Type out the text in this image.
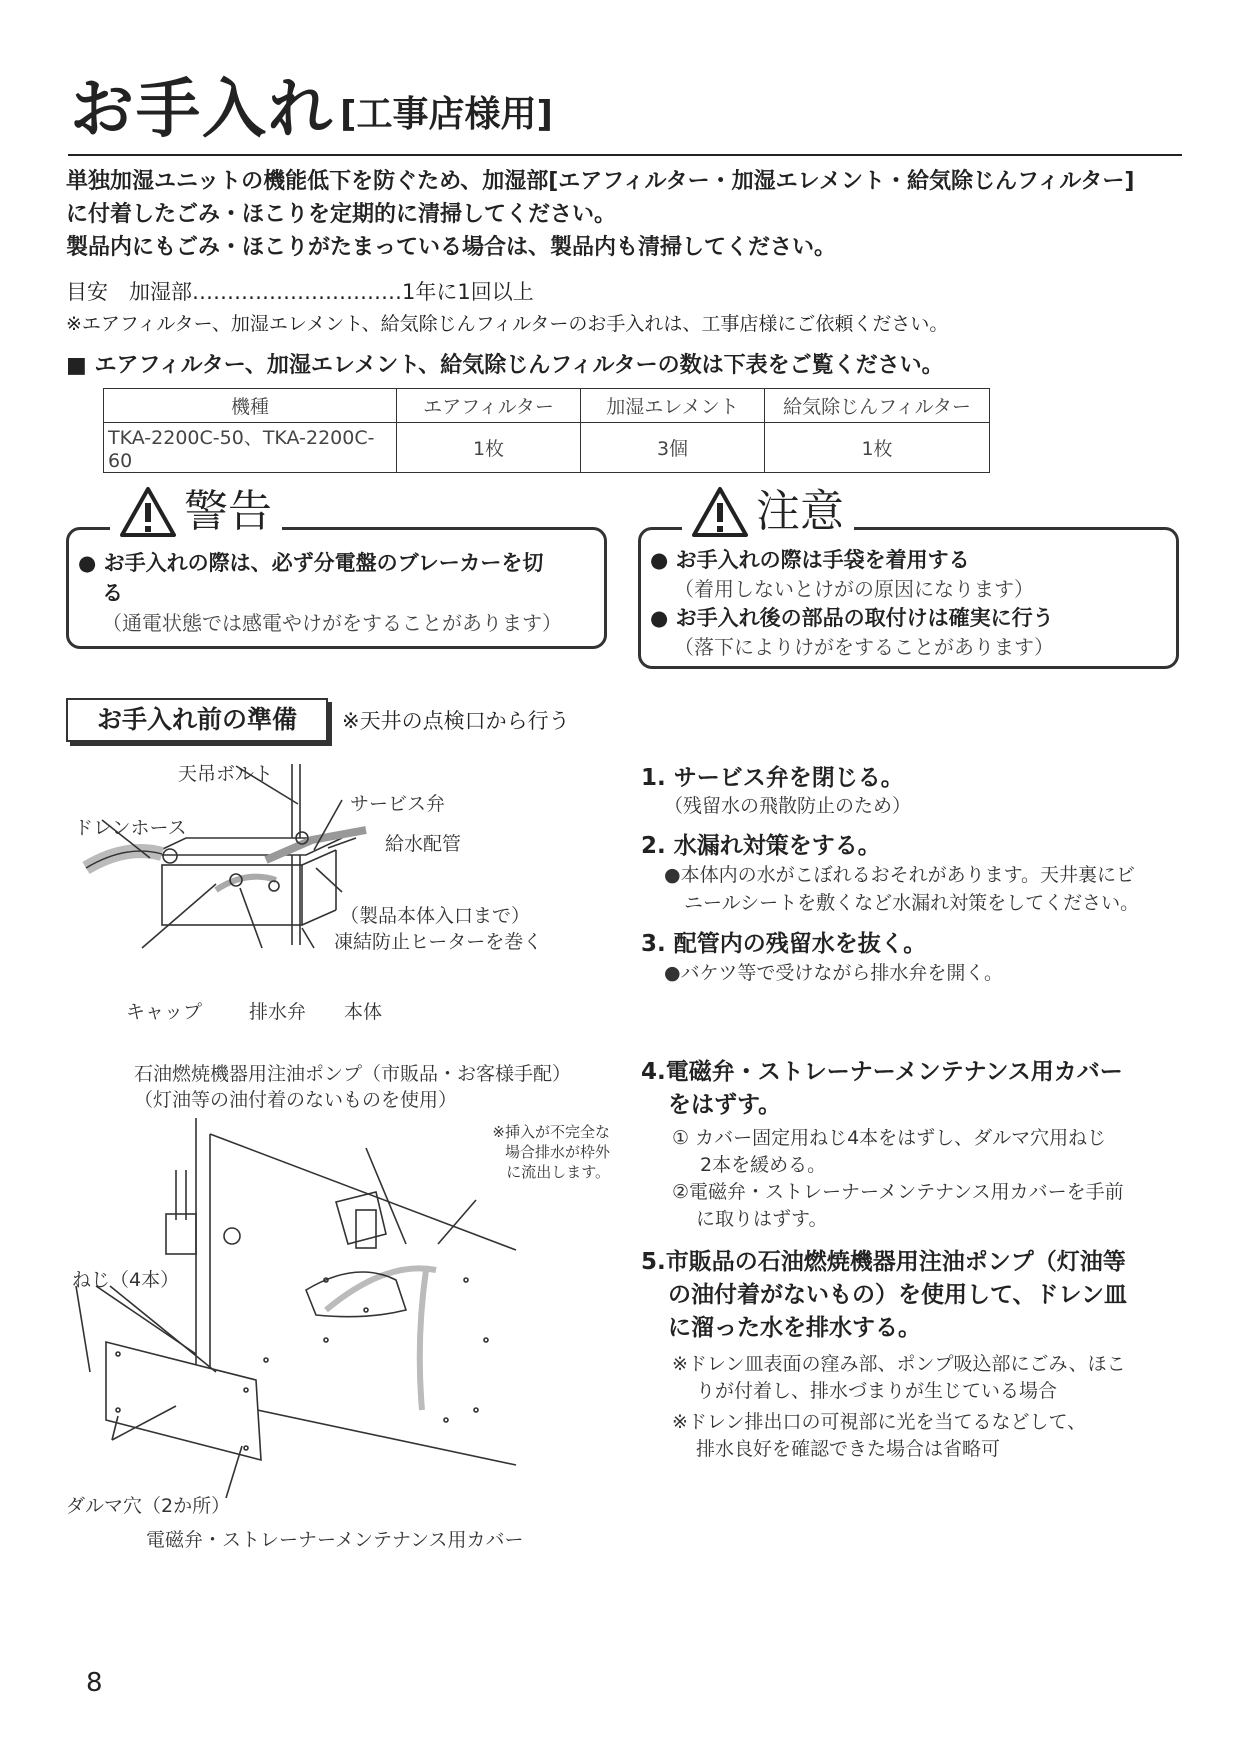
お手入れ [工事店様用]
単独加湿ユニットの機能低下を防ぐため、加湿部[エアフィルター・加湿エレメント・給気除じんフィルター]
に付着したごみ・ほこりを定期的に清掃してください。
製品内にもごみ・ほこりがたまっている場合は、製品内も清掃してください。
目安　加湿部…………………………1年に1回以上
※エアフィルター、加湿エレメント、給気除じんフィルターのお手入れは、工事店様にご依頼ください。
■ エアフィルター、加湿エレメント、給気除じんフィルターの数は下表をご覧ください。
機種	エアフィルター	加湿エレメント	給気除じんフィルター
TKA-2200C-50、TKA-2200C-60	1枚	3個	1枚
警告
● お手入れの際は、必ず分電盤のブレーカーを切
る
（通電状態では感電やけがをすることがあります）
注意
● お手入れの際は手袋を着用する
（着用しないとけがの原因になります）
● お手入れ後の部品の取付けは確実に行う
（落下によりけがをすることがあります）
お手入れ前の準備	※天井の点検口から行う
天吊ボルト
サービス弁
ドレンホース
給水配管
（製品本体入口まで）
凍結防止ヒーターを巻く
キャップ 排水弁 本体
石油燃焼機器用注油ポンプ（市販品・お客様手配）
（灯油等の油付着のないものを使用）
※挿入が不完全な
場合排水が枠外
に流出します。
ねじ（4本）
ダルマ穴（2か所）
電磁弁・ストレーナーメンテナンス用カバー
1. サービス弁を閉じる。
（残留水の飛散防止のため）
2. 水漏れ対策をする。
●本体内の水がこぼれるおそれがあります。天井裏にビ
ニールシートを敷くなど水漏れ対策をしてください。
3. 配管内の残留水を抜く。
●バケツ等で受けながら排水弁を開く。
4.電磁弁・ストレーナーメンテナンス用カバー
をはずす。
① カバー固定用ねじ4本をはずし、ダルマ穴用ねじ
2本を緩める。
②電磁弁・ストレーナーメンテナンス用カバーを手前
に取りはずす。
5.市販品の石油燃焼機器用注油ポンプ（灯油等
の油付着がないもの）を使用して、ドレン皿
に溜った水を排水する。
※ドレン皿表面の窪み部、ポンプ吸込部にごみ、ほこ
りが付着し、排水づまりが生じている場合
※ドレン排出口の可視部に光を当てるなどして、
排水良好を確認できた場合は省略可
8
